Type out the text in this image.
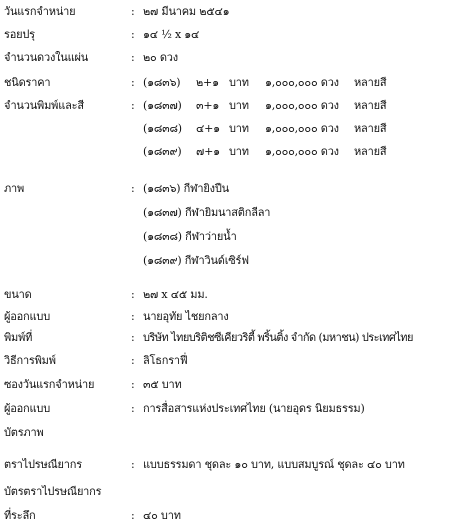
วันแรกจำหน่าย	: ๒๗ มีนาคม ๒๕๔๑
รอยปรุ	: ๑๔ ½ x ๑๔
จำนวนดวงในแผ่น	: ๒๐ ดวง
ชนิดราคา	: (๑๘๓๖) ๒+๑ บาท ๑,๐๐๐,๐๐๐ ดวง หลายสี
จำนวนพิมพ์และสี	: (๑๘๓๗) ๓+๑ บาท ๑,๐๐๐,๐๐๐ ดวง หลายสี
(๑๘๓๘) ๔+๑ บาท ๑,๐๐๐,๐๐๐ ดวง หลายสี
(๑๘๓๙) ๗+๑ บาท ๑,๐๐๐,๐๐๐ ดวง หลายสี
ภาพ	: (๑๘๓๖) กีฬายิงปืน
(๑๘๓๗) กีฬายิมนาสติกลีลา
(๑๘๓๘) กีฬาว่ายน้ำ
(๑๘๓๙) กีฬาวินด์เซิร์ฟ
ขนาด	: ๒๗ x ๔๕ มม.
ผู้ออกแบบ	: นายอุทัย ไชยกลาง
พิมพ์ที่	: บริษัท ไทยบริติชซีเคียวริตี้ พริ้นติ้ง จำกัด (มหาชน) ประเทศไทย
วิธีการพิมพ์	: ลิโธกราฟี่
ซองวันแรกจำหน่าย	: ๓๕ บาท
ผู้ออกแบบ	: การสื่อสารแห่งประเทศไทย (นายอุดร นิยมธรรม)
บัตรภาพ
ตราไปรษณียากร	: แบบธรรมดา ชุดละ ๑๐ บาท, แบบสมบูรณ์ ชุดละ ๔๐ บาท
บัตรตราไปรษณียากร
ที่ระลึก	: ๔๐ บาท
